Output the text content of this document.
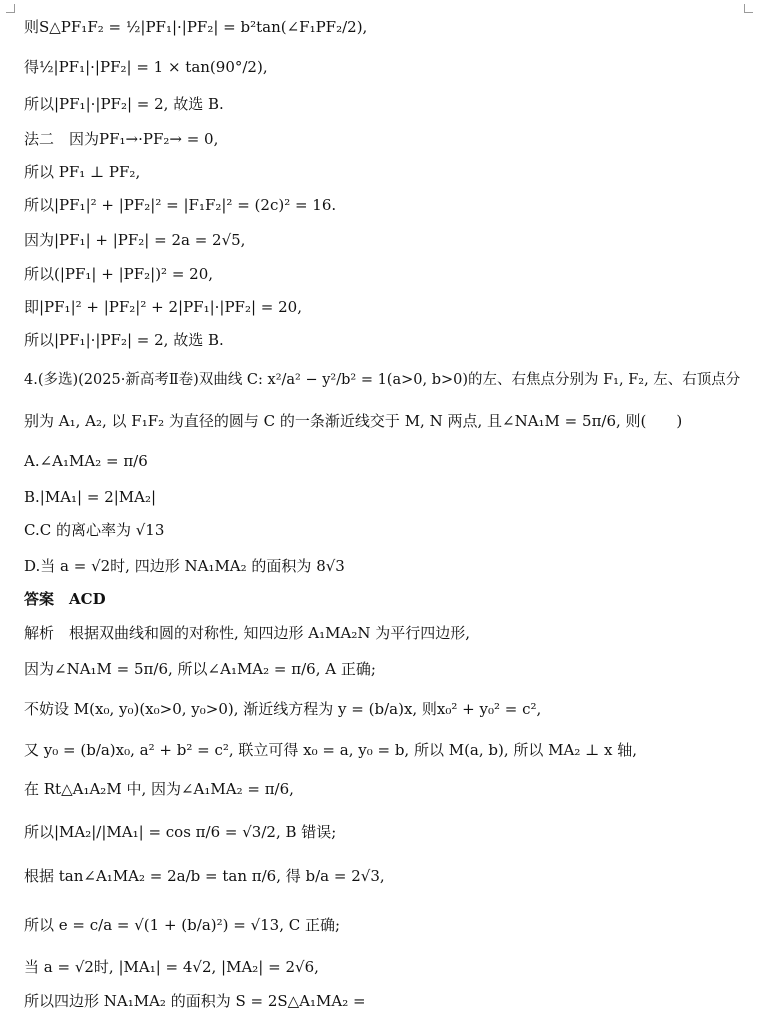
则S△PF₁F₂ = ½|PF₁|·|PF₂| = b²tan(∠F₁PF₂/2),
得½|PF₁|·|PF₂| = 1 × tan(90°/2),
所以|PF₁|·|PF₂| = 2, 故选 B.
法二　因为PF₁→·PF₂→ = 0,
所以 PF₁ ⊥ PF₂,
所以|PF₁|² + |PF₂|² = |F₁F₂|² = (2c)² = 16.
因为|PF₁| + |PF₂| = 2a = 2√5,
所以(|PF₁| + |PF₂|)² = 20,
即|PF₁|² + |PF₂|² + 2|PF₁|·|PF₂| = 20,
所以|PF₁|·|PF₂| = 2, 故选 B.
4.(多选)(2025·新高考Ⅱ卷)双曲线 C: x²/a² − y²/b² = 1(a>0, b>0)的左、右焦点分别为 F₁, F₂, 左、右顶点分
别为 A₁, A₂, 以 F₁F₂ 为直径的圆与 C 的一条渐近线交于 M, N 两点, 且∠NA₁M = 5π/6, 则(　　)
A.∠A₁MA₂ = π/6
B.|MA₁| = 2|MA₂|
C.C 的离心率为 √13
D.当 a = √2时, 四边形 NA₁MA₂ 的面积为 8√3
答案　ACD
解析　根据双曲线和圆的对称性, 知四边形 A₁MA₂N 为平行四边形,
因为∠NA₁M = 5π/6, 所以∠A₁MA₂ = π/6, A 正确;
不妨设 M(x₀, y₀)(x₀>0, y₀>0), 渐近线方程为 y = (b/a)x, 则x₀² + y₀² = c²,
又 y₀ = (b/a)x₀, a² + b² = c², 联立可得 x₀ = a, y₀ = b, 所以 M(a, b), 所以 MA₂ ⊥ x 轴,
在 Rt△A₁A₂M 中, 因为∠A₁MA₂ = π/6,
所以|MA₂|/|MA₁| = cos π/6 = √3/2, B 错误;
根据 tan∠A₁MA₂ = 2a/b = tan π/6, 得 b/a = 2√3,
所以 e = c/a = √(1 + (b/a)²) = √13, C 正确;
当 a = √2时, |MA₁| = 4√2, |MA₂| = 2√6,
所以四边形 NA₁MA₂ 的面积为 S = 2S△A₁MA₂ =
